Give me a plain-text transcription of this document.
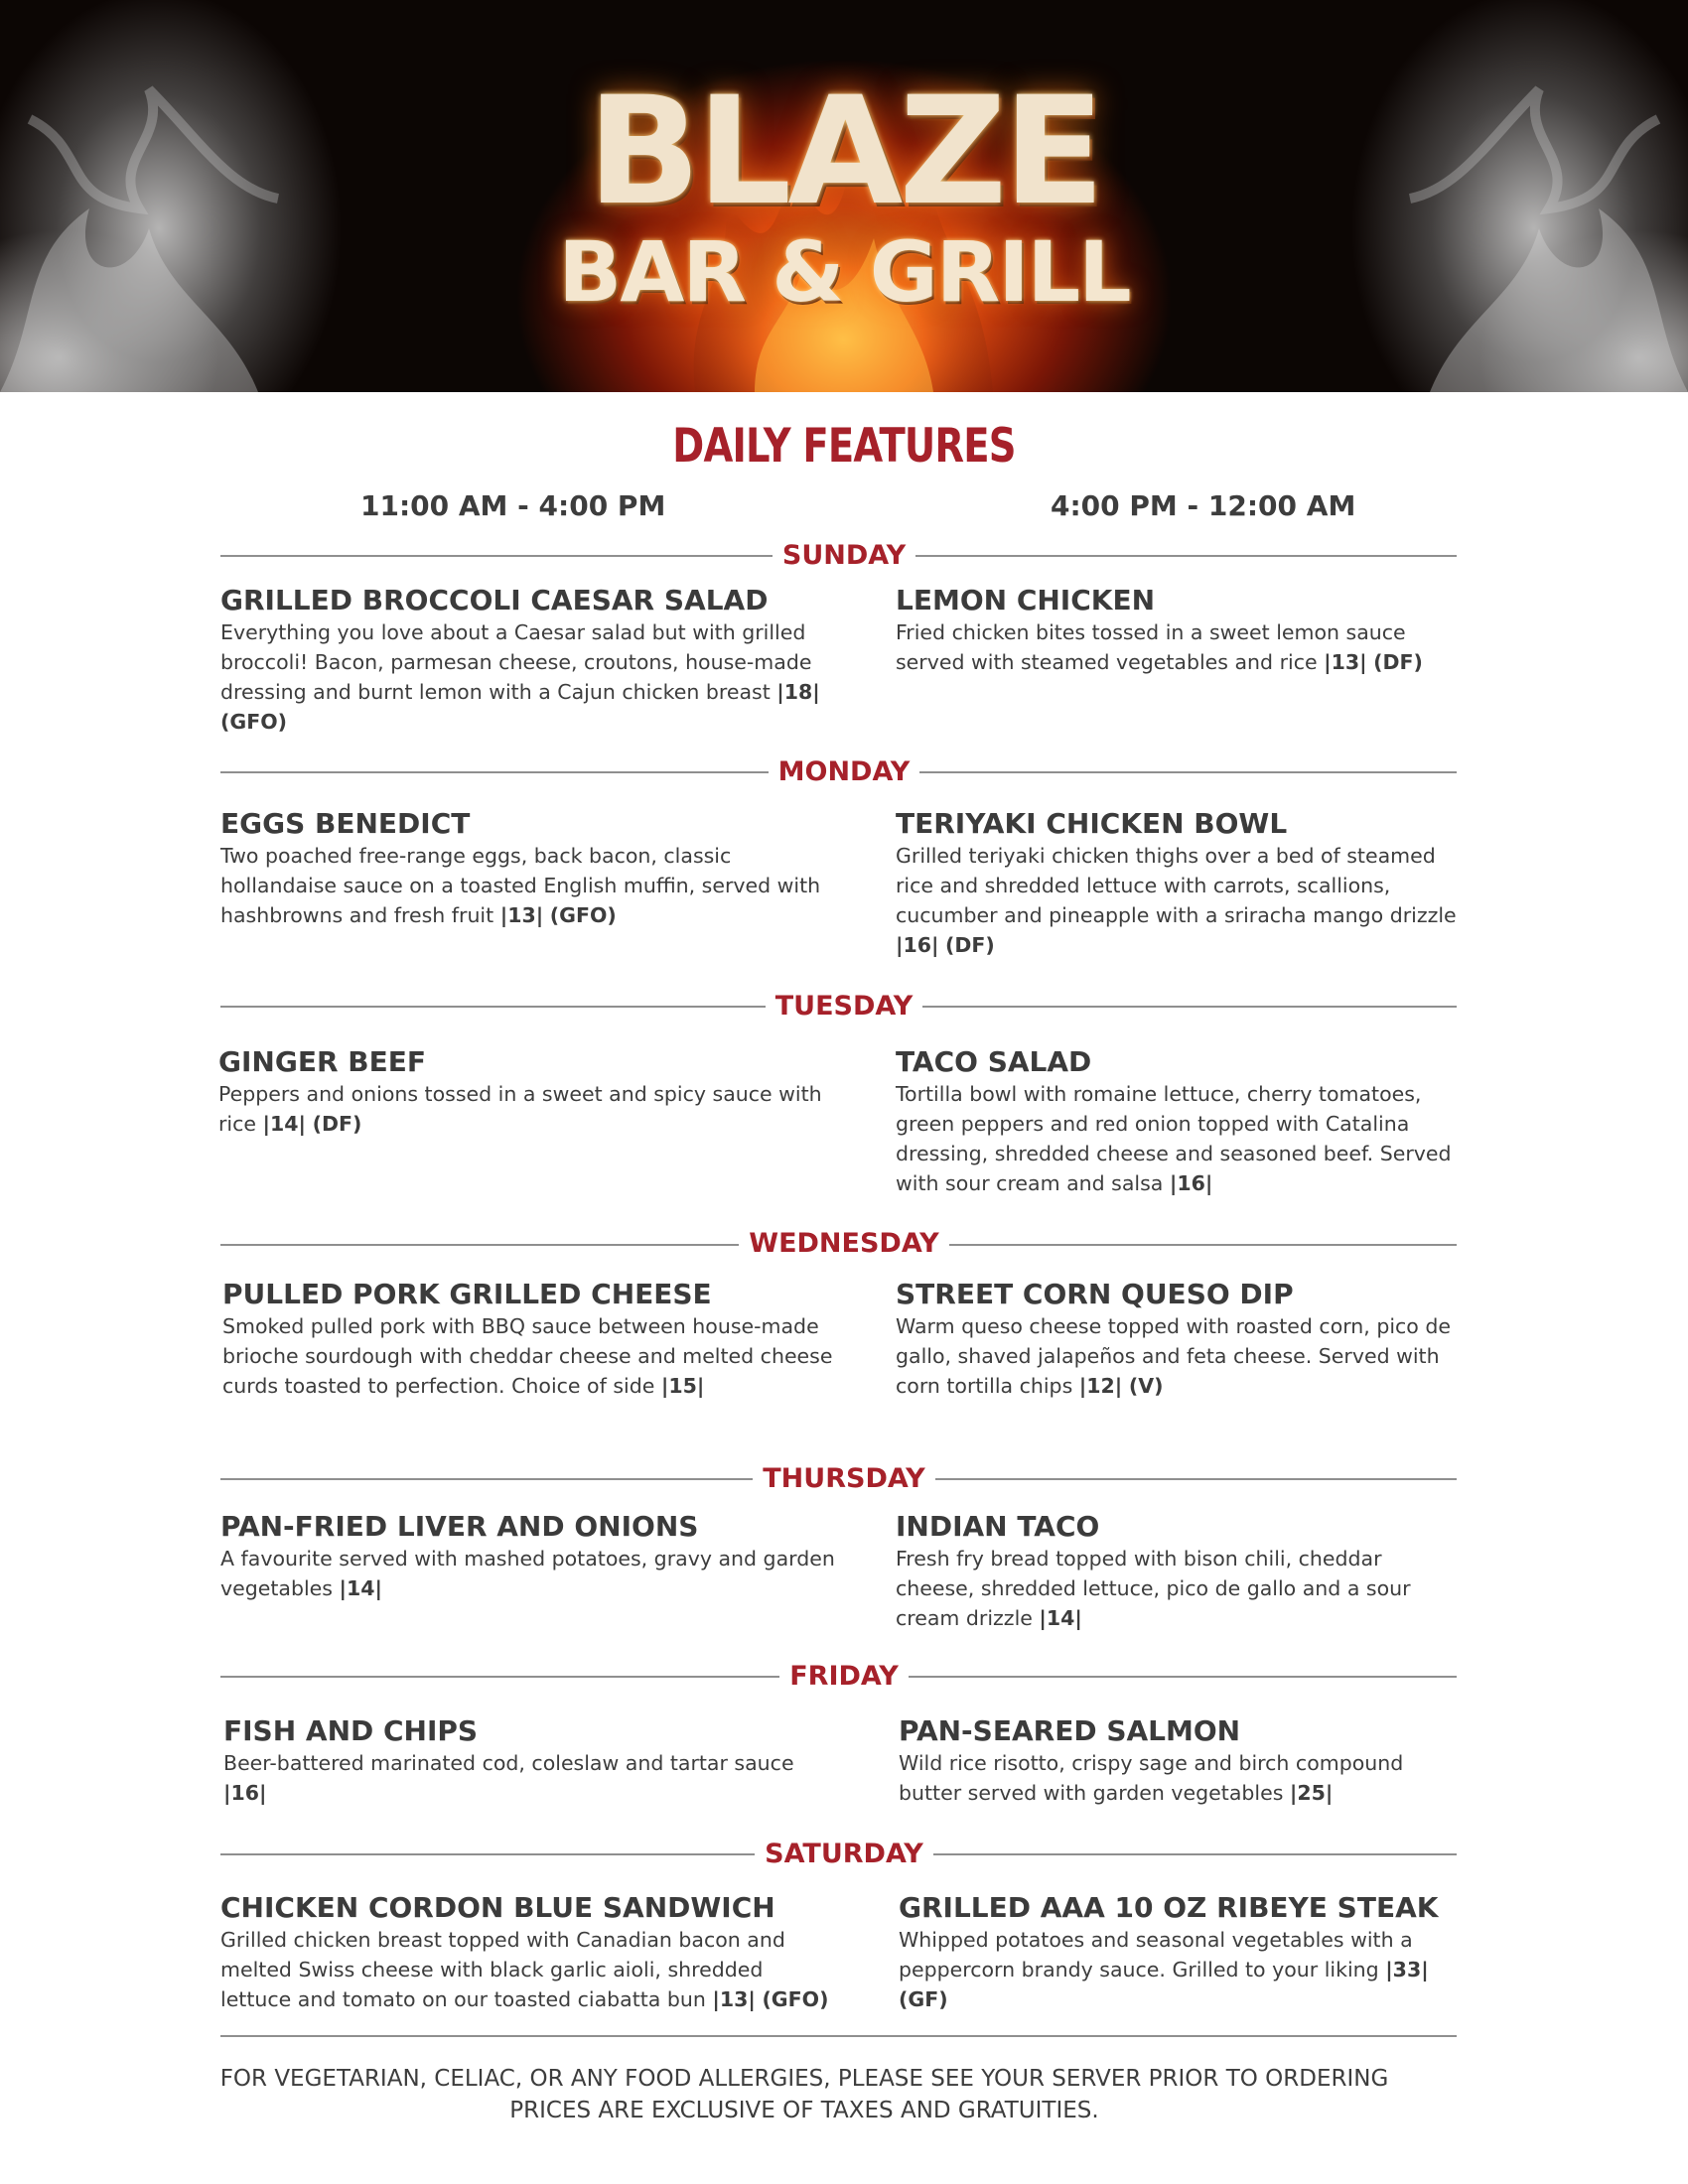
BLAZE
BAR & GRILL
DAILY FEATURES
11:00 AM - 4:00 PM	4:00 PM - 12:00 AM
SUNDAY
GRILLED BROCCOLI CAESAR SALAD
Everything you love about a Caesar salad but with grilled broccoli! Bacon, parmesan cheese, croutons, house-made dressing and burnt lemon with a Cajun chicken breast |18| (GFO)
LEMON CHICKEN
Fried chicken bites tossed in a sweet lemon sauce served with steamed vegetables and rice |13| (DF)
MONDAY
EGGS BENEDICT
Two poached free-range eggs, back bacon, classic hollandaise sauce on a toasted English muffin, served with hashbrowns and fresh fruit |13| (GFO)
TERIYAKI CHICKEN BOWL
Grilled teriyaki chicken thighs over a bed of steamed rice and shredded lettuce with carrots, scallions, cucumber and pineapple with a sriracha mango drizzle |16| (DF)
TUESDAY
GINGER BEEF
Peppers and onions tossed in a sweet and spicy sauce with rice |14| (DF)
TACO SALAD
Tortilla bowl with romaine lettuce, cherry tomatoes, green peppers and red onion topped with Catalina dressing, shredded cheese and seasoned beef. Served with sour cream and salsa |16|
WEDNESDAY
PULLED PORK GRILLED CHEESE
Smoked pulled pork with BBQ sauce between house-made brioche sourdough with cheddar cheese and melted cheese curds toasted to perfection. Choice of side |15|
STREET CORN QUESO DIP
Warm queso cheese topped with roasted corn, pico de gallo, shaved jalapeños and feta cheese. Served with corn tortilla chips |12| (V)
THURSDAY
PAN-FRIED LIVER AND ONIONS
A favourite served with mashed potatoes, gravy and garden vegetables |14|
INDIAN TACO
Fresh fry bread topped with bison chili, cheddar cheese, shredded lettuce, pico de gallo and a sour cream drizzle |14|
FRIDAY
FISH AND CHIPS
Beer-battered marinated cod, coleslaw and tartar sauce |16|
PAN-SEARED SALMON
Wild rice risotto, crispy sage and birch compound butter served with garden vegetables |25|
SATURDAY
CHICKEN CORDON BLUE SANDWICH
Grilled chicken breast topped with Canadian bacon and melted Swiss cheese with black garlic aioli, shredded lettuce and tomato on our toasted ciabatta bun |13| (GFO)
GRILLED AAA 10 OZ RIBEYE STEAK
Whipped potatoes and seasonal vegetables with a peppercorn brandy sauce. Grilled to your liking |33| (GF)
FOR VEGETARIAN, CELIAC, OR ANY FOOD ALLERGIES, PLEASE SEE YOUR SERVER PRIOR TO ORDERING
PRICES ARE EXCLUSIVE OF TAXES AND GRATUITIES.
